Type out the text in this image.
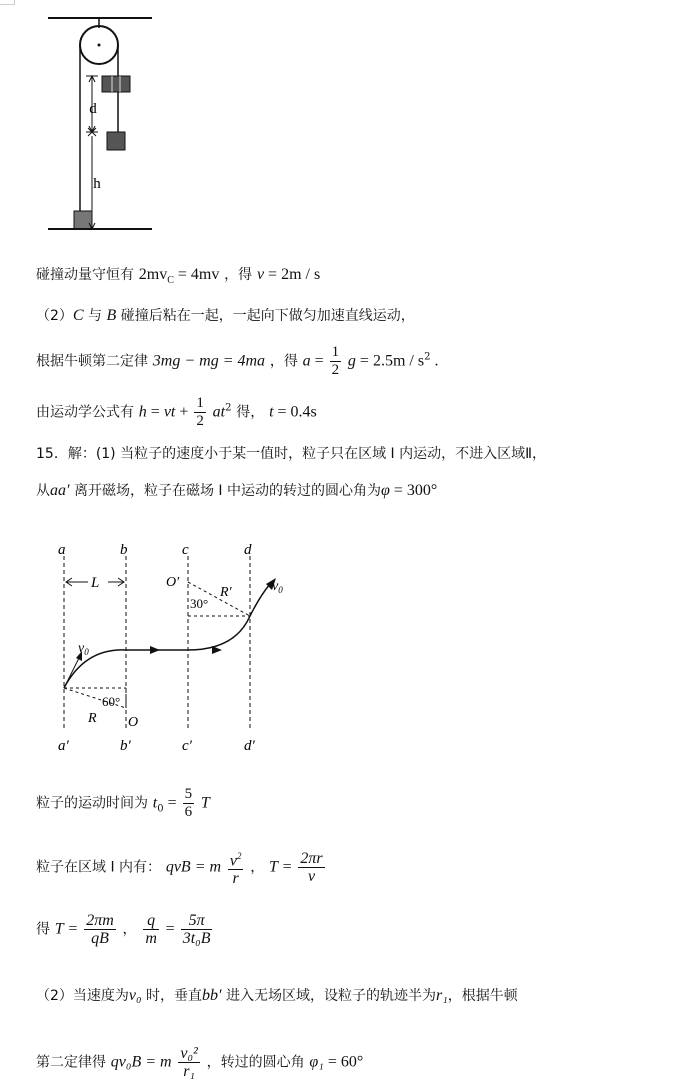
d
h
碰撞动量守恒有 $2mv_C = 4mv$ ，得 v = 2m / s
（2）C 与 B 碰撞后粘在一起，一起向下做匀加速直线运动，
根据牛顿第二定律 3mg − mg = 4ma ，得 $a = \frac{1}{2}$ $g = 2.5m / s^2$ .
由运动学公式有 h = vt + $\frac{1}{2} at^2$ 得， t = 0.4s
15．解：(1) 当粒子的速度小于某一值时，粒子只在区域 I 内运动，不进入区域Ⅱ，
从aa′ 离开磁场，粒子在磁场 I 中运动的转过的圆心角为φ = 300°
a	b	c	d
a′	b′	c′	d′
L
$v_0$
$v_0$
60°
R O
O′
R′
30°
粒子的运动时间为 $t_0 = \frac{5}{6}$ T
粒子在区域 I 内有： qvB = m $\frac{v^2}{r}$ ， $T = \frac{2\pi r}{v}$
得 $T = \frac{2\pi m}{qB}$ ， $\frac{q}{m} = \frac{5\pi}{\text{3t₀B}}$
（2）当速度为v₀ 时，垂直bb′ 进入无场区域，设粒子的轨迹半为r₁，根据牛顿
第二定律得 qv₀B = m $\frac{\text{v₀²}}{\text{r₁}}$ ，转过的圆心角 φ₁ = 60°
